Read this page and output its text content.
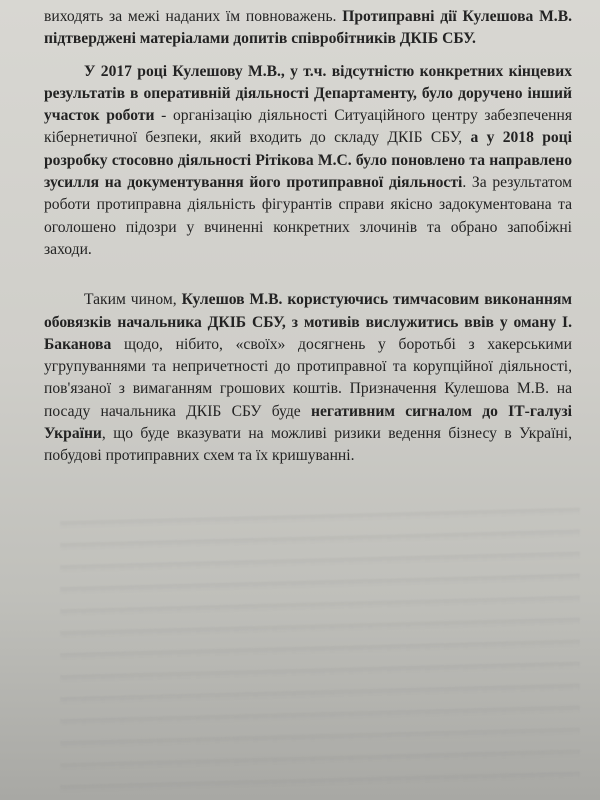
виходять за межі наданих їм повноважень. Протиправні дії Кулешова М.В. підтверджені матеріалами допитів співробітників ДКІБ СБУ.

У 2017 році Кулешову М.В., у т.ч. відсутністю конкретних кінцевих результатів в оперативній діяльності Департаменту, було доручено інший участок роботи - організацію діяльності Ситуаційного центру забезпечення кібернетичної безпеки, який входить до складу ДКІБ СБУ, а у 2018 році розробку стосовно діяльності Рітікова М.С. було поновлено та направлено зусилля на документування його протиправної діяльності. За результатом роботи протиправна діяльність фігурантів справи якісно задокументована та оголошено підозри у вчиненні конкретних злочинів та обрано запобіжні заходи.

Таким чином, Кулешов М.В. користуючись тимчасовим виконанням обовязків начальника ДКІБ СБУ, з мотивів вислужитись ввів у оману І. Баканова щодо, нібито, «своїх» досягнень у боротьбі з хакерськими угрупуваннями та непричетності до протиправної та корупційної діяльності, пов'язаної з вимаганням грошових коштів. Призначення Кулешова М.В. на посаду начальника ДКІБ СБУ буде негативним сигналом до ІТ-галузі України, що буде вказувати на можливі ризики ведення бізнесу в Україні, побудові протиправних схем та їх кришуванні.
